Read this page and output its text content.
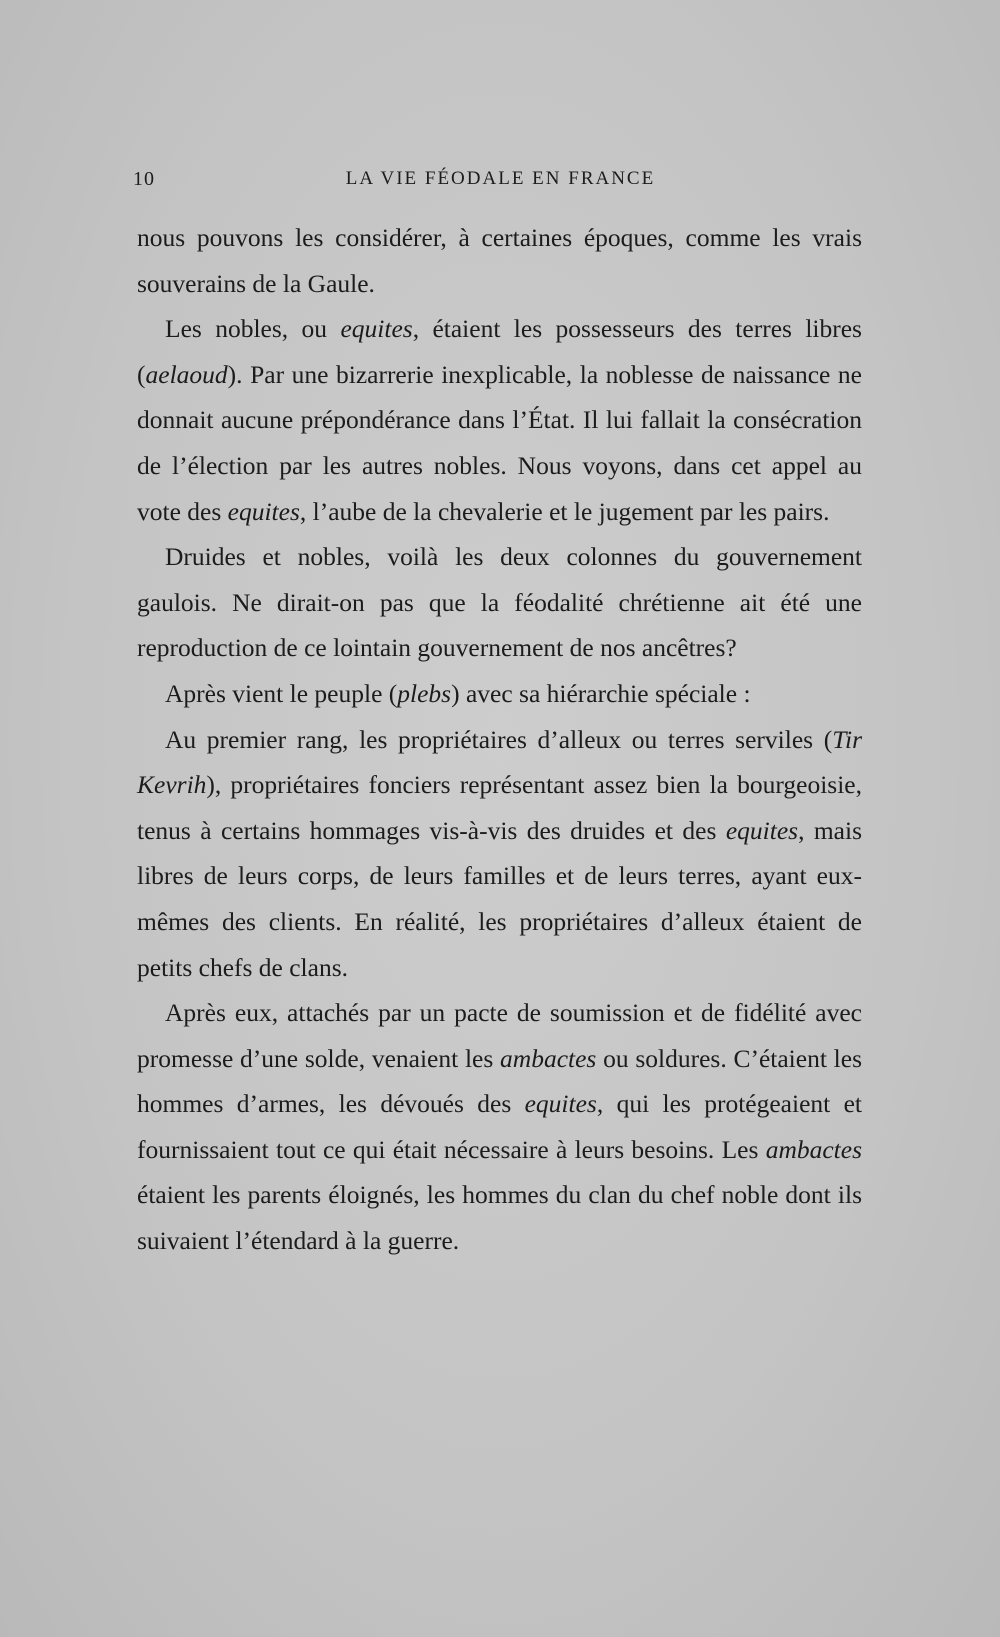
10	LA VIE FÉODALE EN FRANCE

nous pouvons les considérer, à certaines époques, comme les vrais souverains de la Gaule.

Les nobles, ou equites, étaient les possesseurs des terres libres (aelaoud). Par une bizarrerie inexplicable, la noblesse de naissance ne donnait aucune prépondérance dans l’État. Il lui fallait la consécration de l’élection par les autres nobles. Nous voyons, dans cet appel au vote des equites, l’aube de la chevalerie et le jugement par les pairs.

Druides et nobles, voilà les deux colonnes du gouvernement gaulois. Ne dirait-on pas que la féodalité chrétienne ait été une reproduction de ce lointain gouvernement de nos ancêtres?

Après vient le peuple (plebs) avec sa hiérarchie spéciale :

Au premier rang, les propriétaires d’alleux ou terres serviles (Tir Kevrih), propriétaires fonciers représentant assez bien la bourgeoisie, tenus à certains hommages vis-à-vis des druides et des equites, mais libres de leurs corps, de leurs familles et de leurs terres, ayant eux-mêmes des clients. En réalité, les propriétaires d’alleux étaient de petits chefs de clans.

Après eux, attachés par un pacte de soumission et de fidélité avec promesse d’une solde, venaient les ambactes ou soldures. C’étaient les hommes d’armes, les dévoués des equites, qui les protégeaient et fournissaient tout ce qui était nécessaire à leurs besoins. Les ambactes étaient les parents éloignés, les hommes du clan du chef noble dont ils suivaient l’étendard à la guerre.
